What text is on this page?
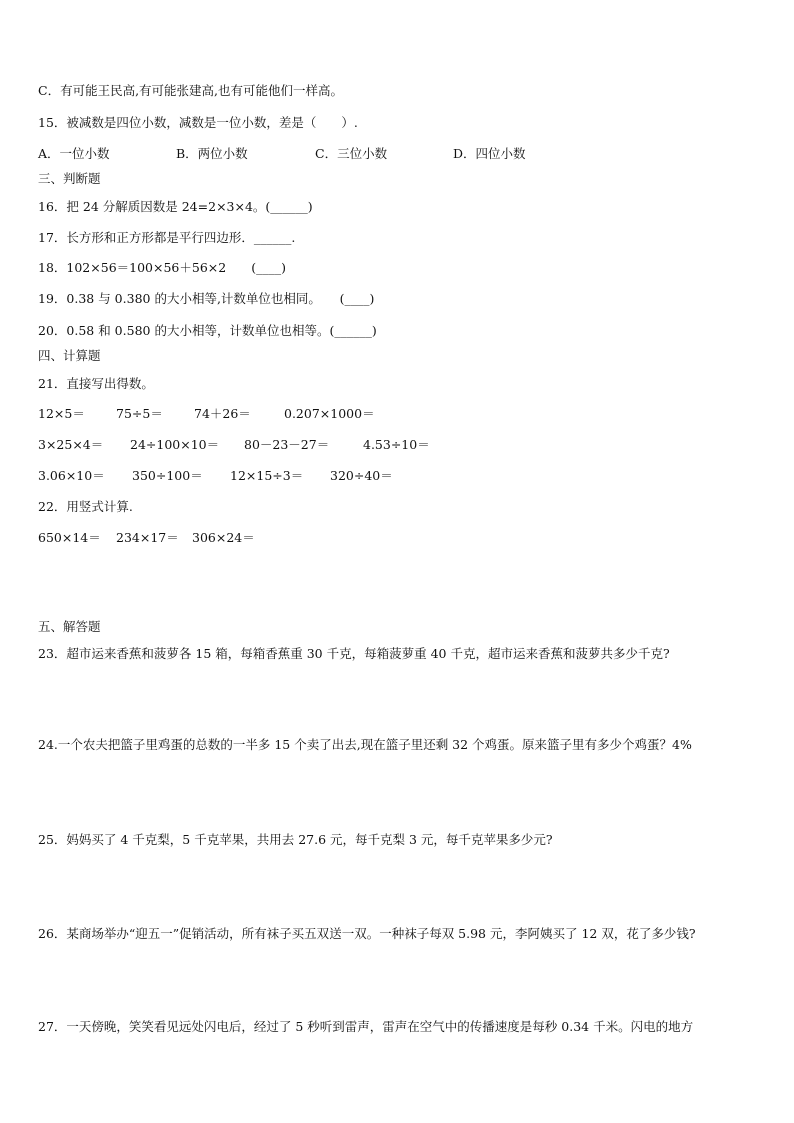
C．有可能王民高,有可能张建高,也有可能他们一样高。
15．被减数是四位小数，减数是一位小数，差是（　　）.
A．一位小数	B．两位小数	C．三位小数	D．四位小数
三、判断题
16．把 24 分解质因数是 24=2×3×4。(______)
17．长方形和正方形都是平行四边形．______.
18．102×56＝100×56＋56×2　　(____)
19．0.38 与 0.380 的大小相等,计数单位也相同。　　(____)
20．0.58 和 0.580 的大小相等，计数单位也相等。(______)
四、计算题
21．直接写出得数。
12×5＝ 75÷5＝ 74＋26＝	0.207×1000＝
3×25×4＝ 24÷100×10＝ 80－23－27＝	4.53÷10＝
3.06×10＝ 350÷100＝ 12×15÷3＝ 320÷40＝
22．用竖式计算.
650×14＝ 234×17＝ 306×24＝
五、解答题
23．超市运来香蕉和菠萝各 15 箱，每箱香蕉重 30 千克，每箱菠萝重 40 千克，超市运来香蕉和菠萝共多少千克?
24.一个农夫把篮子里鸡蛋的总数的一半多 15 个卖了出去,现在篮子里还剩 32 个鸡蛋。原来篮子里有多少个鸡蛋？4%
25．妈妈买了 4 千克梨，5 千克苹果，共用去 27.6 元，每千克梨 3 元，每千克苹果多少元?
26．某商场举办“迎五一”促销活动，所有袜子买五双送一双。一种袜子每双 5.98 元，李阿姨买了 12 双，花了多少钱?
27．一天傍晚，笑笑看见远处闪电后，经过了 5 秒听到雷声，雷声在空气中的传播速度是每秒 0.34 千米。闪电的地方
